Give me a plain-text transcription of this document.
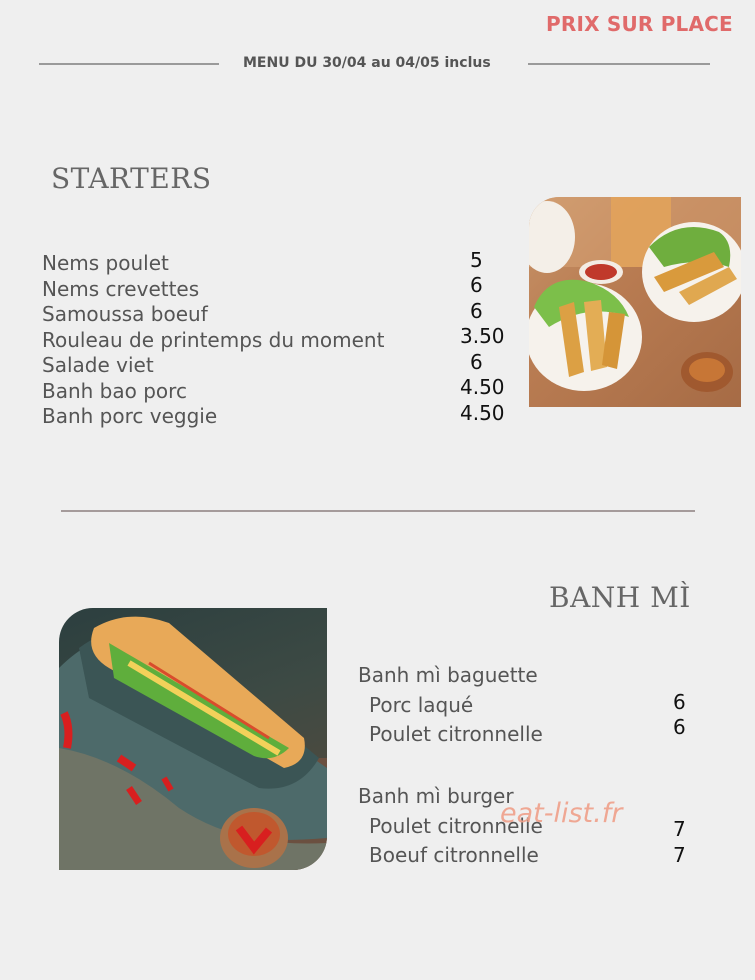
PRIX SUR PLACE
MENU DU 30/04 au 04/05 inclus
STARTERS
Nems poulet	5
Nems crevettes	6
Samoussa boeuf	6
Rouleau de printemps du moment	3.50
Salade viet	6
Banh bao porc	4.50
Banh porc veggie	4.50
BANH MÌ
Banh mì baguette
Porc laqué	6
Poulet citronnelle	6
Banh mì burger
Poulet citronnelle	7
Boeuf citronnelle	7
eat-list.fr
